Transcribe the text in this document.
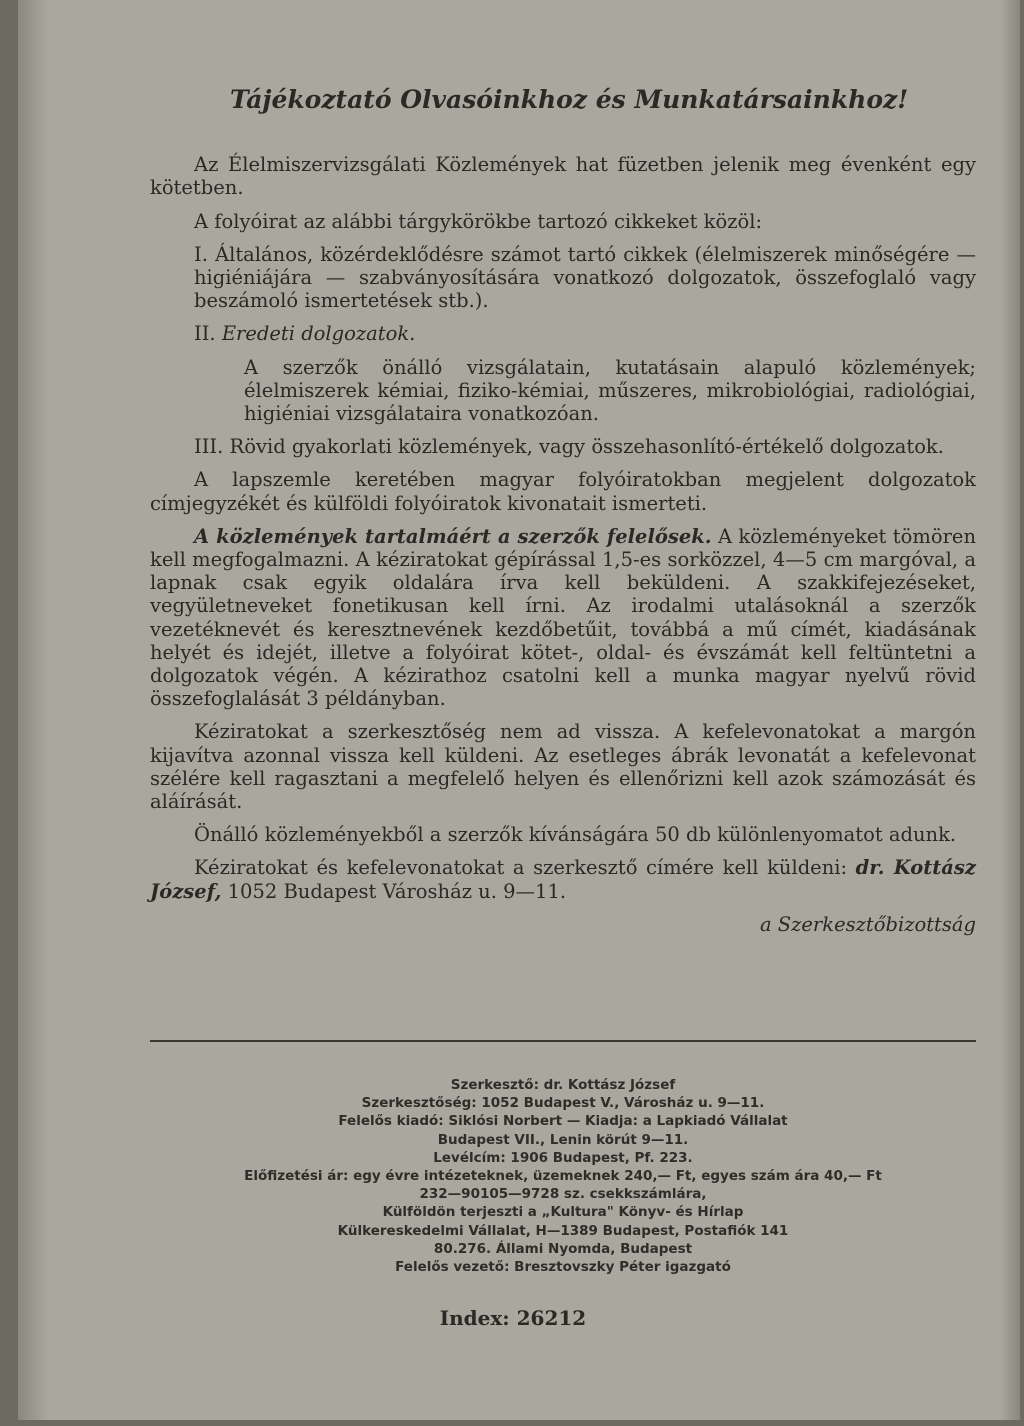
Tájékoztató Olvasóinkhoz és Munkatársainkhoz!

Az Élelmiszervizsgálati Közlemények hat füzetben jelenik meg évenként egy kötetben.

A folyóirat az alábbi tárgykörökbe tartozó cikkeket közöl:

I. Általános, közérdeklődésre számot tartó cikkek (élelmiszerek minőségére — higiéniájára — szabványosítására vonatkozó dolgozatok, összefoglaló vagy beszámoló ismertetések stb.).
II. Eredeti dolgozatok.
A szerzők önálló vizsgálatain, kutatásain alapuló közlemények; élelmiszerek kémiai, fiziko-kémiai, műszeres, mikrobiológiai, radiológiai, higiéniai vizsgálataira vonatkozóan.
III. Rövid gyakorlati közlemények, vagy összehasonlító-értékelő dolgozatok.

A lapszemle keretében magyar folyóiratokban megjelent dolgozatok címjegyzékét és külföldi folyóiratok kivonatait ismerteti.

A közlemények tartalmáért a szerzők felelősek. A közleményeket tömören kell megfogalmazni. A kéziratokat gépírással 1,5-es sorközzel, 4—5 cm margóval, a lapnak csak egyik oldalára írva kell beküldeni. A szakkifejezéseket, vegyületneveket fonetikusan kell írni. Az irodalmi utalásoknál a szerzők vezetéknevét és keresztnevének kezdőbetűit, továbbá a mű címét, kiadásának helyét és idejét, illetve a folyóirat kötet-, oldal- és évszámát kell feltüntetni a dolgozatok végén. A kézirathoz csatolni kell a munka magyar nyelvű rövid összefoglalását 3 példányban.

Kéziratokat a szerkesztőség nem ad vissza. A kefelevonatokat a margón kijavítva azonnal vissza kell küldeni. Az esetleges ábrák levonatát a kefelevonat szélére kell ragasztani a megfelelő helyen és ellenőrizni kell azok számozását és aláírását.

Önálló közleményekből a szerzők kívánságára 50 db különlenyomatot adunk.

Kéziratokat és kefelevonatokat a szerkesztő címére kell küldeni: dr. Kottász József, 1052 Budapest Városház u. 9—11.

a Szerkesztőbizottság
Szerkesztő: dr. Kottász József
Szerkesztőség: 1052 Budapest V., Városház u. 9—11.
Felelős kiadó: Siklósi Norbert — Kiadja: a Lapkiadó Vállalat
Budapest VII., Lenin körút 9—11.
Levélcím: 1906 Budapest, Pf. 223.
Előfizetési ár: egy évre intézeteknek, üzemeknek 240,— Ft, egyes szám ára 40,— Ft
232—90105—9728 sz. csekkszámlára,
Külföldön terjeszti a „Kultura" Könyv- és Hírlap
Külkereskedelmi Vállalat, H—1389 Budapest, Postafiók 141
80.276. Állami Nyomda, Budapest
Felelős vezető: Bresztovszky Péter igazgató
Index: 26212
